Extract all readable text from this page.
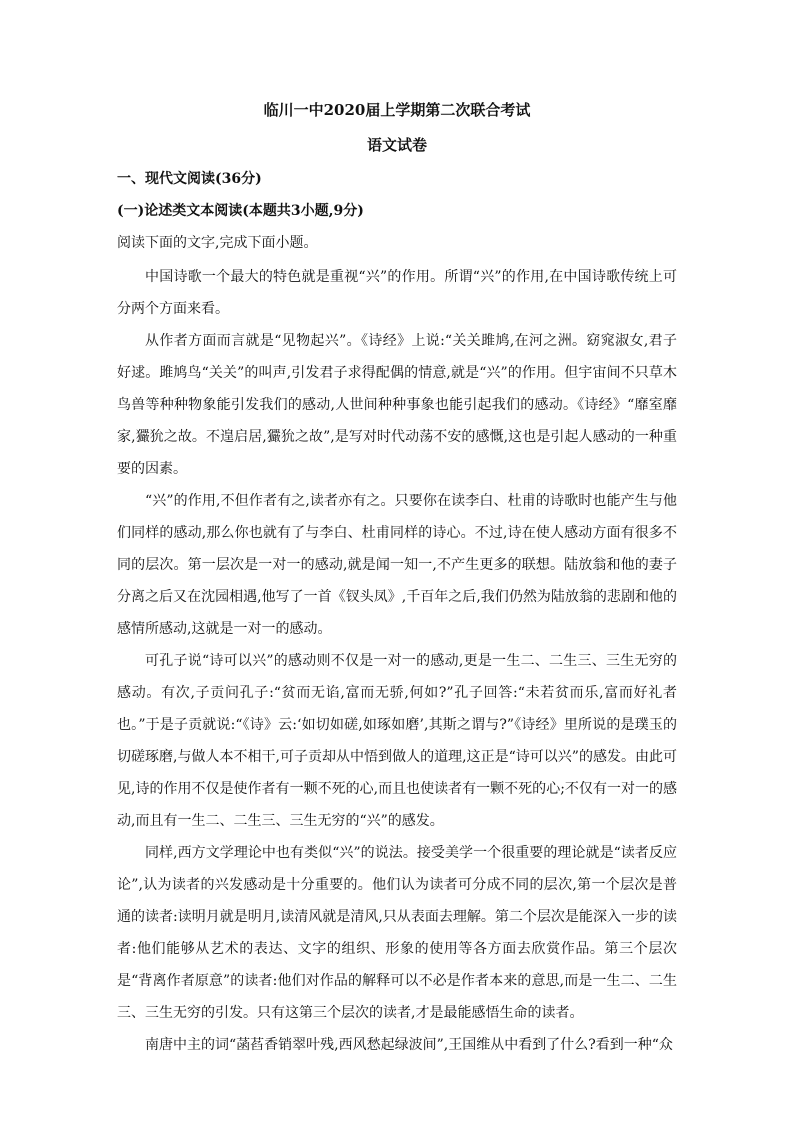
临川一中2020届上学期第二次联合考试
语文试卷
一、现代文阅读(36分)
(一)论述类文本阅读(本题共3小题,9分)
阅读下面的文字,完成下面小题。

中国诗歌一个最大的特色就是重视“兴”的作用。所谓“兴”的作用,在中国诗歌传统上可分两个方面来看。

从作者方面而言就是“见物起兴”。《诗经》上说:“关关雎鸠,在河之洲。窈窕淑女,君子好逑。雎鸠鸟“关关”的叫声,引发君子求得配偶的情意,就是“兴”的作用。但宇宙间不只草木鸟兽等种种物象能引发我们的感动,人世间种种事象也能引起我们的感动。《诗经》“靡室靡家,玁狁之故。不遑启居,玁狁之故”,是写对时代动荡不安的感慨,这也是引起人感动的一种重要的因素。

“兴”的作用,不但作者有之,读者亦有之。只要你在读李白、杜甫的诗歌时也能产生与他们同样的感动,那么你也就有了与李白、杜甫同样的诗心。不过,诗在使人感动方面有很多不同的层次。第一层次是一对一的感动,就是闻一知一,不产生更多的联想。陆放翁和他的妻子分离之后又在沈园相遇,他写了一首《钗头凤》,千百年之后,我们仍然为陆放翁的悲剧和他的感情所感动,这就是一对一的感动。

可孔子说“诗可以兴”的感动则不仅是一对一的感动,更是一生二、二生三、三生无穷的感动。有次,子贡问孔子:“贫而无谄,富而无骄,何如?”孔子回答:“未若贫而乐,富而好礼者也。”于是子贡就说:“《诗》云:‘如切如磋,如琢如磨’,其斯之谓与?”《诗经》里所说的是璞玉的切磋琢磨,与做人本不相干,可子贡却从中悟到做人的道理,这正是“诗可以兴”的感发。由此可见,诗的作用不仅是使作者有一颗不死的心,而且也使读者有一颗不死的心;不仅有一对一的感动,而且有一生二、二生三、三生无穷的“兴”的感发。

同样,西方文学理论中也有类似“兴”的说法。接受美学一个很重要的理论就是“读者反应论”,认为读者的兴发感动是十分重要的。他们认为读者可分成不同的层次,第一个层次是普通的读者:读明月就是明月,读清风就是清风,只从表面去理解。第二个层次是能深入一步的读者:他们能够从艺术的表达、文字的组织、形象的使用等各方面去欣赏作品。第三个层次是“背离作者原意”的读者:他们对作品的解释可以不必是作者本来的意思,而是一生二、二生三、三生无穷的引发。只有这第三个层次的读者,才是最能感悟生命的读者。

南唐中主的词“菡萏香销翠叶残,西风愁起绿波间”,王国维从中看到了什么?看到一种“众
